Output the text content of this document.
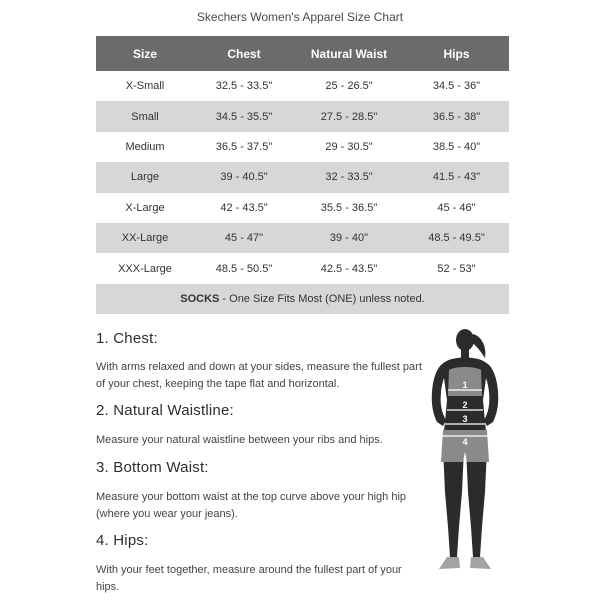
Skechers Women's Apparel Size Chart
Size	Chest	Natural Waist	Hips
X-Small	32.5 - 33.5"	25 - 26.5"	34.5 - 36"
Small	34.5 - 35.5"	27.5 - 28.5"	36.5 - 38"
Medium	36.5 - 37.5"	29 - 30.5"	38.5 - 40"
Large	39 - 40.5"	32 - 33.5"	41.5 - 43"
X-Large	42 - 43.5"	35.5 - 36.5"	45 - 46"
XX-Large	45 - 47"	39 - 40"	48.5 - 49.5"
XXX-Large	48.5 - 50.5"	42.5 - 43.5"	52 - 53"
SOCKS - One Size Fits Most (ONE) unless noted.			
1. Chest:

With arms relaxed and down at your sides, measure the fullest part of your chest, keeping the tape flat and horizontal.

2. Natural Waistline:

Measure your natural waistline between your ribs and hips.

3. Bottom Waist:

Measure your bottom waist at the top curve above your high hip (where you wear your jeans).

4. Hips:

With your feet together, measure around the fullest part of your hips.

1
2
3
4
